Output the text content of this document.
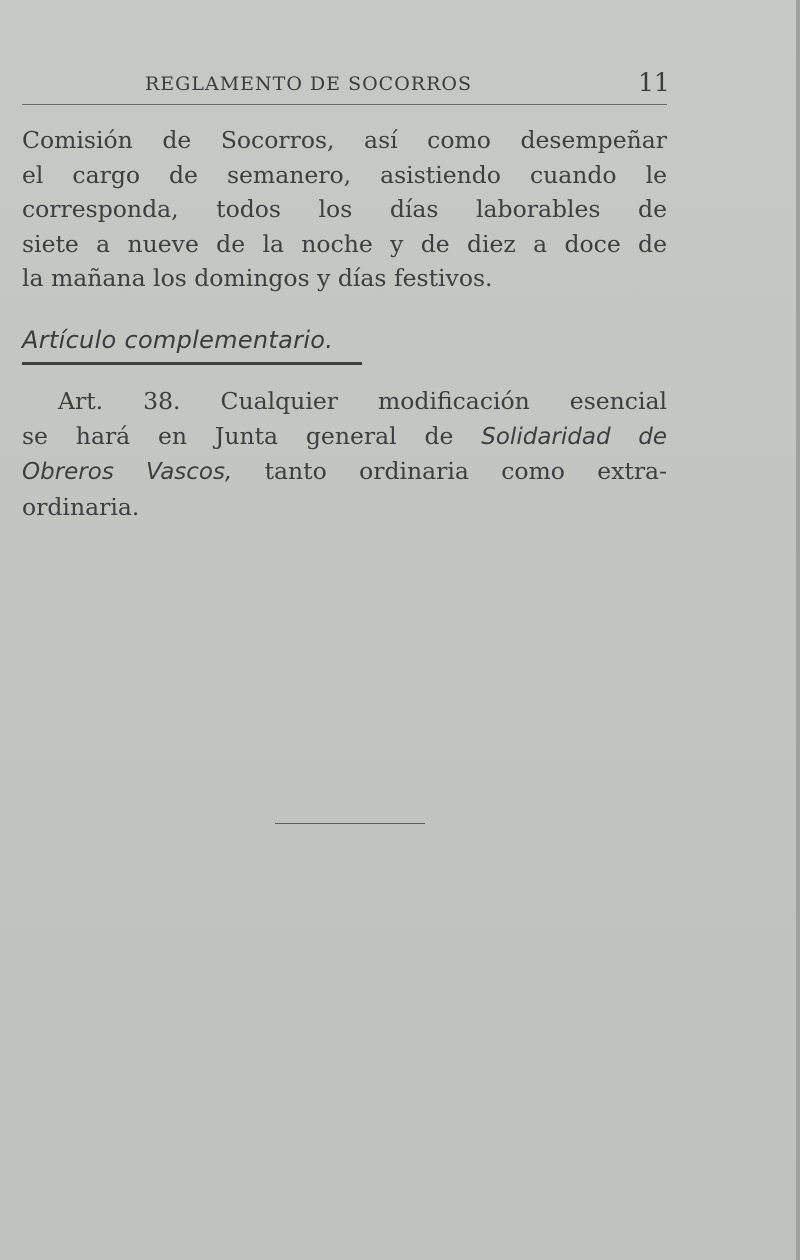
REGLAMENTO DE SOCORROS	11

Comisión de Socorros, así como desempeñar
el cargo de semanero, asistiendo cuando le
corresponda, todos los días laborables de
siete a nueve de la noche y de diez a doce de
la mañana los domingos y días festivos.

Artículo complementario.

Art. 38. Cualquier modificación esencial
se hará en Junta general de Solidaridad de
Obreros Vascos, tanto ordinaria como extra-
ordinaria.
